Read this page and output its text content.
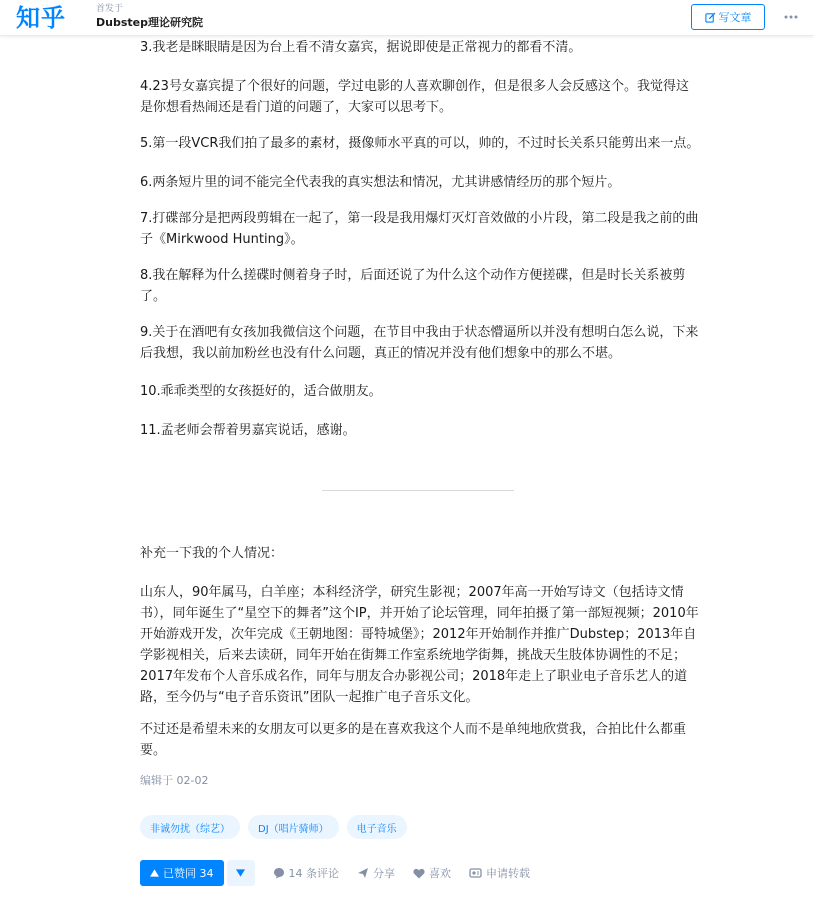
知乎	首发于
Dubstep理论研究院	写文章

3.我老是眯眼睛是因为台上看不清女嘉宾，据说即使是正常视力的都看不清。

4.23号女嘉宾提了个很好的问题，学过电影的人喜欢聊创作，但是很多人会反感这个。我觉得这是你想看热闹还是看门道的问题了，大家可以思考下。

5.第一段VCR我们拍了最多的素材，摄像师水平真的可以，帅的，不过时长关系只能剪出来一点。

6.两条短片里的词不能完全代表我的真实想法和情况，尤其讲感情经历的那个短片。

7.打碟部分是把两段剪辑在一起了，第一段是我用爆灯灭灯音效做的小片段，第二段是我之前的曲子《Mirkwood Hunting》。

8.我在解释为什么搓碟时侧着身子时，后面还说了为什么这个动作方便搓碟，但是时长关系被剪了。

9.关于在酒吧有女孩加我微信这个问题，在节目中我由于状态懵逼所以并没有想明白怎么说，下来后我想，我以前加粉丝也没有什么问题，真正的情况并没有他们想象中的那么不堪。

10.乖乖类型的女孩挺好的，适合做朋友。

11.孟老师会帮着男嘉宾说话，感谢。

补充一下我的个人情况：

山东人，90年属马，白羊座；本科经济学，研究生影视；2007年高一开始写诗文（包括诗文情书），同年诞生了“星空下的舞者”这个IP，并开始了论坛管理，同年拍摄了第一部短视频；2010年开始游戏开发，次年完成《王朝地图：哥特城堡》；2012年开始制作并推广Dubstep；2013年自学影视相关，后来去读研，同年开始在街舞工作室系统地学街舞，挑战天生肢体协调性的不足；2017年发布个人音乐成名作，同年与朋友合办影视公司；2018年走上了职业电子音乐艺人的道路，至今仍与“电子音乐资讯”团队一起推广电子音乐文化。

不过还是希望未来的女朋友可以更多的是在喜欢我这个人而不是单纯地欣赏我，合拍比什么都重要。

编辑于 02-02
非诚勿扰（综艺）	DJ（唱片骑师）	电子音乐
已赞同 34	14 条评论	分享	喜欢	申请转载
